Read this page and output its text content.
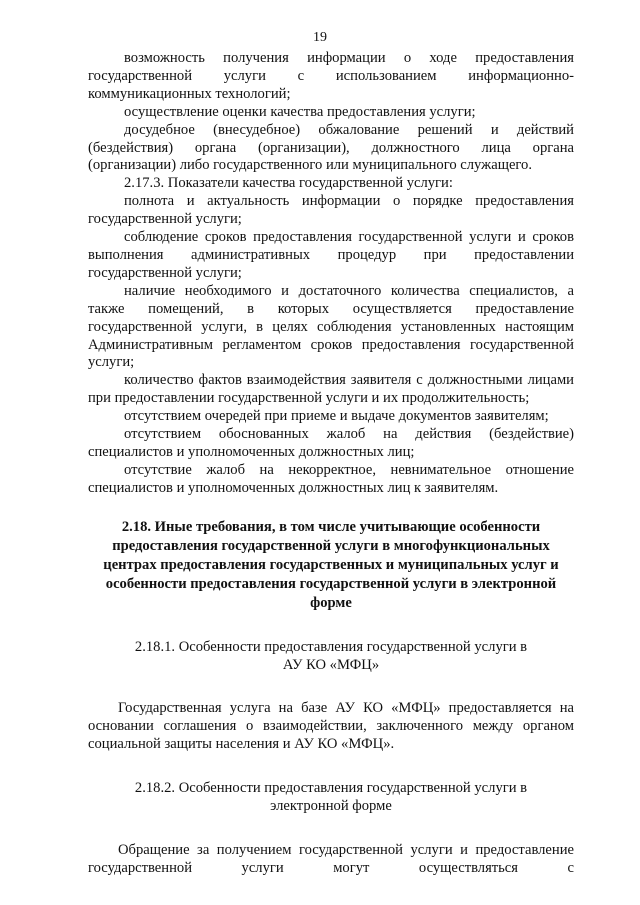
19

возможность получения информации о ходе предоставления государственной услуги с использованием информационно-коммуникационных технологий;

осуществление оценки качества предоставления услуги;

досудебное (внесудебное) обжалование решений и действий (бездействия) органа (организации), должностного лица органа (организации) либо государственного или муниципального служащего.

2.17.3. Показатели качества государственной услуги:

полнота и актуальность информации о порядке предоставления государственной услуги;

соблюдение сроков предоставления государственной услуги и сроков выполнения административных процедур при предоставлении государственной услуги;

наличие необходимого и достаточного количества специалистов, а также помещений, в которых осуществляется предоставление государственной услуги, в целях соблюдения установленных настоящим Административным регламентом сроков предоставления государственной услуги;

количество фактов взаимодействия заявителя с должностными лицами при предоставлении государственной услуги и их продолжительность;

отсутствием очередей при приеме и выдаче документов заявителям;

отсутствием обоснованных жалоб на действия (бездействие) специалистов и уполномоченных должностных лиц;

отсутствие жалоб на некорректное, невнимательное отношение специалистов и уполномоченных должностных лиц к заявителям.

2.18. Иные требования, в том числе учитывающие особенности предоставления государственной услуги в многофункциональных центрах предоставления государственных и муниципальных услуг и особенности предоставления государственной услуги в электронной форме

2.18.1. Особенности предоставления государственной услуги в

АУ КО «МФЦ»

Государственная услуга на базе АУ КО «МФЦ» предоставляется на основании соглашения о взаимодействии, заключенного между органом социальной защиты населения и АУ КО «МФЦ».

2.18.2. Особенности предоставления государственной услуги в

электронной форме

Обращение за получением государственной услуги и предоставление государственной услуги могут осуществляться с
